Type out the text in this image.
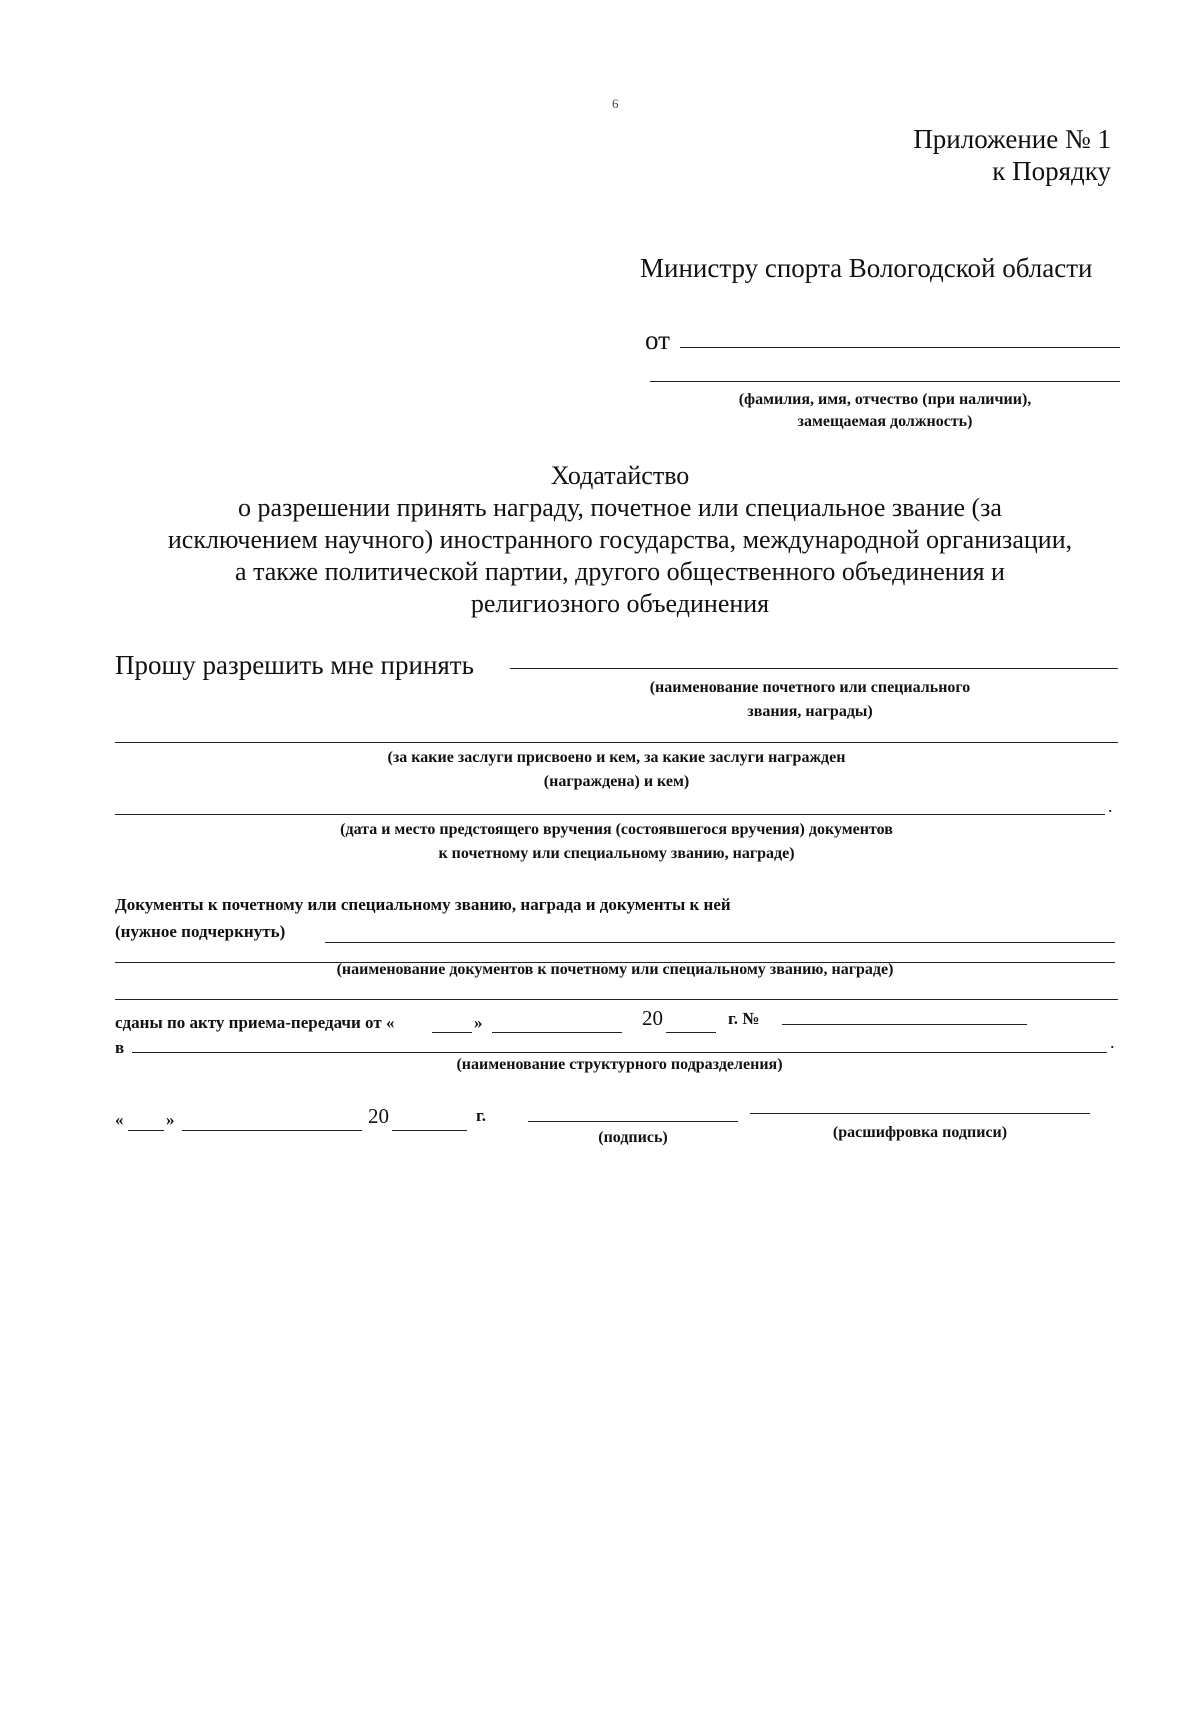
6
Приложение № 1
к Порядку
Министру спорта Вологодской области
от
(фамилия, имя, отчество (при наличии),
замещаемая должность)
Ходатайство
о разрешении принять награду, почетное или специальное звание (за
исключением научного) иностранного государства, международной организации,
а также политической партии, другого общественного объединения и
религиозного объединения
Прошу разрешить мне принять
(наименование почетного или специального
звания, награды)
(за какие заслуги присвоено и кем, за какие заслуги награжден
(награждена) и кем)
.
(дата и место предстоящего вручения (состоявшегося вручения) документов
к почетному или специальному званию, награде)
Документы к почетному или специальному званию, награда и документы к ней
(нужное подчеркнуть)
(наименование документов к почетному или специальному званию, награде)
сданы по акту приема-передачи от «	»	20	г. №
в	.
(наименование структурного подразделения)
«	»	20	г.
(подпись)	(расшифровка подписи)
